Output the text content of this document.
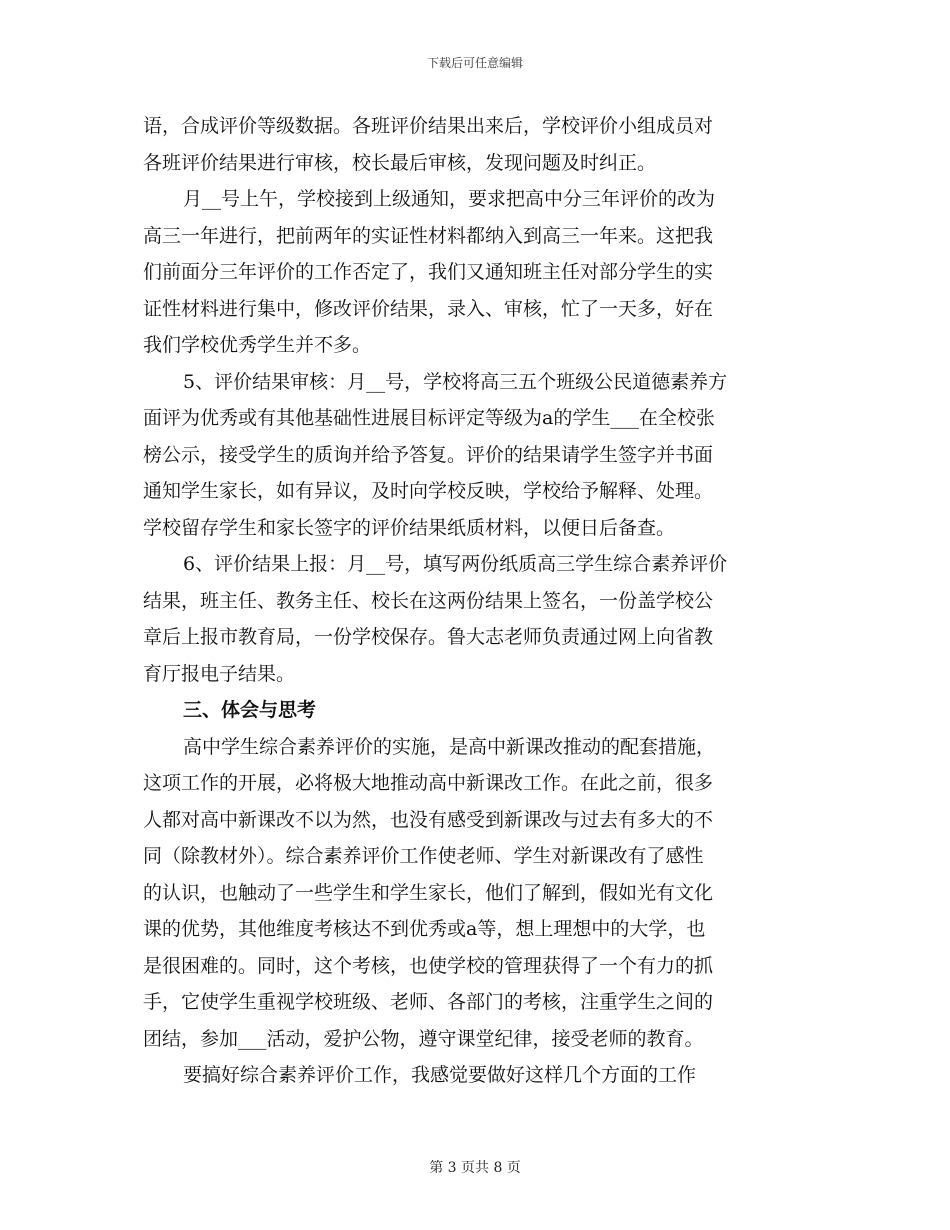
下载后可任意编辑
语，合成评价等级数据。各班评价结果出来后，学校评价小组成员对
各班评价结果进行审核，校长最后审核，发现问题及时纠正。
月__号上午，学校接到上级通知，要求把高中分三年评价的改为
高三一年进行，把前两年的实证性材料都纳入到高三一年来。这把我
们前面分三年评价的工作否定了，我们又通知班主任对部分学生的实
证性材料进行集中，修改评价结果，录入、审核，忙了一天多，好在
我们学校优秀学生并不多。
5、评价结果审核：月__号，学校将高三五个班级公民道德素养方
面评为优秀或有其他基础性进展目标评定等级为a的学生___在全校张
榜公示，接受学生的质询并给予答复。评价的结果请学生签字并书面
通知学生家长，如有异议，及时向学校反映，学校给予解释、处理。
学校留存学生和家长签字的评价结果纸质材料，以便日后备查。
6、评价结果上报：月__号，填写两份纸质高三学生综合素养评价
结果，班主任、教务主任、校长在这两份结果上签名，一份盖学校公
章后上报市教育局，一份学校保存。鲁大志老师负责通过网上向省教
育厅报电子结果。
三、体会与思考
高中学生综合素养评价的实施，是高中新课改推动的配套措施，
这项工作的开展，必将极大地推动高中新课改工作。在此之前，很多
人都对高中新课改不以为然，也没有感受到新课改与过去有多大的不
同（除教材外）。综合素养评价工作使老师、学生对新课改有了感性
的认识，也触动了一些学生和学生家长，他们了解到，假如光有文化
课的优势，其他维度考核达不到优秀或a等，想上理想中的大学，也
是很困难的。同时，这个考核，也使学校的管理获得了一个有力的抓
手，它使学生重视学校班级、老师、各部门的考核，注重学生之间的
团结，参加___活动，爱护公物，遵守课堂纪律，接受老师的教育。
要搞好综合素养评价工作，我感觉要做好这样几个方面的工作
第 3 页共 8 页
